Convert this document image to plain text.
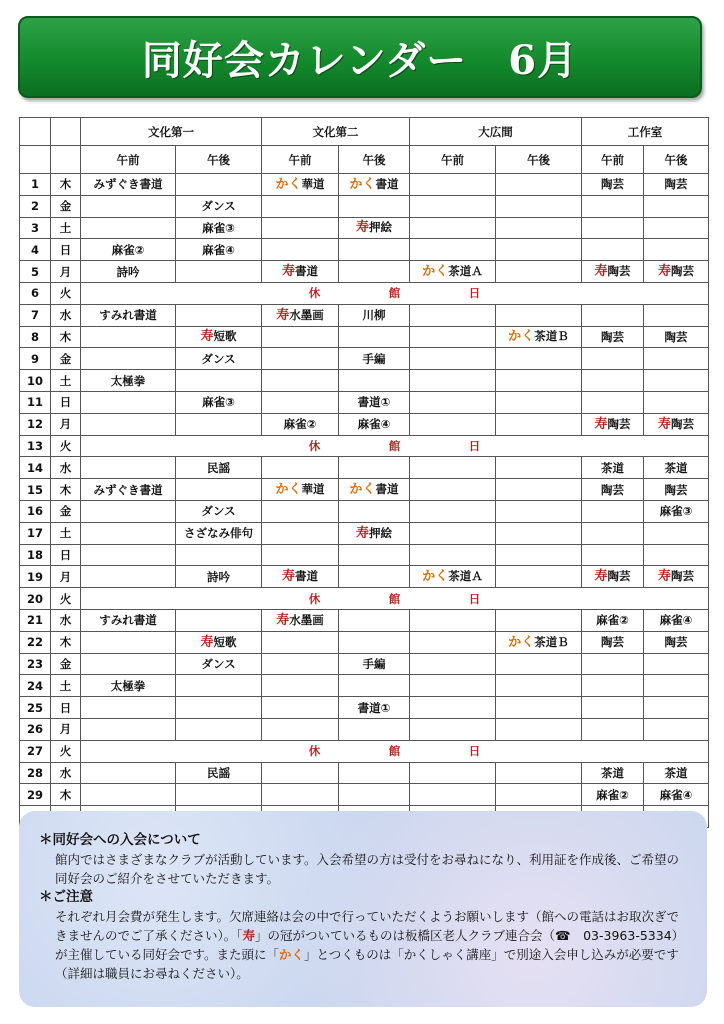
同好会カレンダー　6月
		文化第一		文化第二		大広間		工作室	
		午前	午後	午前	午後	午前	午後	午前	午後
1	木	みずぐき書道		かく華道	かく書道			陶芸	陶芸
2	金		ダンス						
3	土		麻雀③		寿押絵				
4	日	麻雀②	麻雀④						
5	月	詩吟		寿書道		かく茶道Ａ		寿陶芸	寿陶芸
6	火	休 館 日							
7	水	すみれ書道		寿水墨画	川柳				
8	木		寿短歌				かく茶道Ｂ	陶芸	陶芸
9	金		ダンス		手編				
10	土	太極拳							
11	日		麻雀③		書道①				
12	月			麻雀②	麻雀④			寿陶芸	寿陶芸
13	火	休 館 日							
14	水		民謡					茶道	茶道
15	木	みずぐき書道		かく華道	かく書道			陶芸	陶芸
16	金		ダンス						麻雀③
17	土		さざなみ俳句		寿押絵				
18	日								
19	月		詩吟	寿書道		かく茶道Ａ		寿陶芸	寿陶芸
20	火	休 館 日							
21	水	すみれ書道		寿水墨画				麻雀②	麻雀④
22	木		寿短歌				かく茶道Ｂ	陶芸	陶芸
23	金		ダンス		手編				
24	土	太極拳							
25	日				書道①				
26	月								
27	火	休 館 日							
28	水		民謡					茶道	茶道
29	木							麻雀②	麻雀④

＊同好会への入会について
館内ではさまざまなクラブが活動しています。入会希望の方は受付をお尋ねになり、利用証を作成後、ご希望の同好会のご紹介をさせていただきます。
＊ご注意
それぞれ月会費が発生します。欠席連絡は会の中で行っていただくようお願いします（館への電話はお取次ぎできませんのでご了承ください）。「寿」の冠がついているものは板橋区老人クラブ連合会（☎　03-3963-5334）が主催している同好会です。また頭に「かく」とつくものは「かくしゃく講座」で別途入会申し込みが必要です（詳細は職員にお尋ねください）。
